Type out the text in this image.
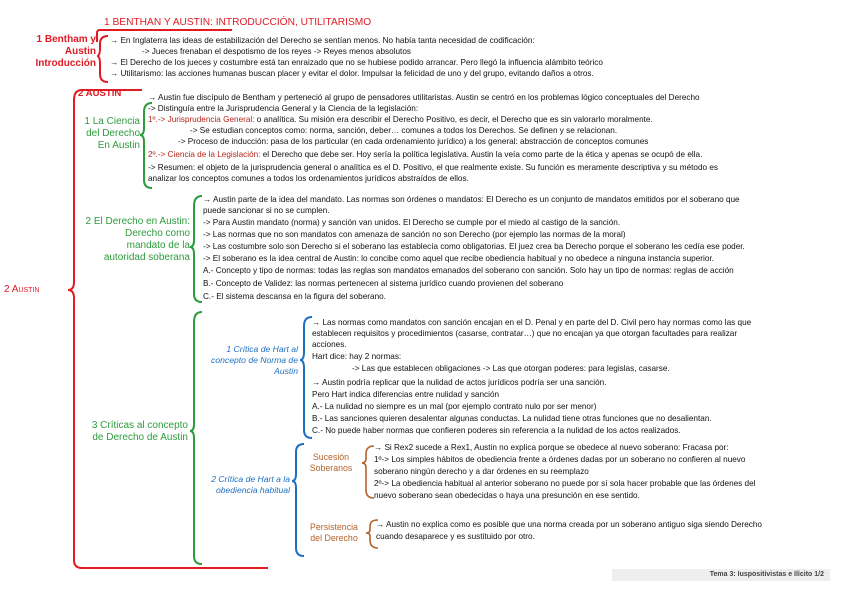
1 Bentham y
Austin
Introducción
1 BENTHAN Y AUSTIN: INTRODUCCIÓN, UTILITARISMO
→ En Inglaterra las ideas de estabilización del Derecho se sentían menos. No había tanta necesidad de codificación:
-> Jueces frenaban el despotismo de los reyes -> Reyes menos absolutos
→ El Derecho de los jueces y costumbre está tan enraizado que no se hubiese podido arrancar. Pero llegó la influencia alámbito teórico
→ Utilitarismo: las acciones humanas buscan placer y evitar el dolor. Impulsar la felicidad de uno y del grupo, evitando daños a otros.
2 Austin
2 AUSTIN
1 La Ciencia
del Derecho
En Austin
→ Austin fue discípulo de Bentham y perteneció al grupo de pensadores utilitaristas. Austin se centró en los problemas lógico conceptuales del Derecho
-> Distinguía entre la Jurisprudencia General y la Ciencia de la legislación:
1º.-> Jurisprudencia General: o analítica. Su misión era describir el Derecho Positivo, es decir, el Derecho que es sin valorarlo moralmente.
-> Se estudian conceptos como: norma, sanción, deber… comunes a todos los Derechos. Se definen y se relacionan.
-> Proceso de inducción: pasa de los particular (en cada ordenamiento jurídico) a los general: abstracción de conceptos comunes
2º.-> Ciencia de la Legislación: el Derecho que debe ser. Hoy sería la política legislativa. Austin la veía como parte de la ética y apenas se ocupó de ella.
-> Resumen: el objeto de la jurisprudencia general o analítica es el D. Positivo, el que realmente existe. Su función es meramente descriptiva y su método es
analizar los conceptos comunes a todos los ordenamientos jurídicos abstraídos de ellos.
2 El Derecho en Austin:
Derecho como
mandato de la
autoridad soberana
→ Austin parte de la idea del mandato. Las normas son órdenes o mandatos: El Derecho es un conjunto de mandatos emitidos por el soberano que
puede sancionar si no se cumplen.
-> Para Austin mandato (norma) y sanción van unidos. El Derecho se cumple por el miedo al castigo de la sanción.
-> Las normas que no son mandatos con amenaza de sanción no son Derecho (por ejemplo las normas de la moral)
-> Las costumbre solo son Derecho si el soberano las establecía como obligatorias. El juez crea ba Derecho porque el soberano les cedía ese poder.
-> El soberano es la idea central de Austin: lo concibe como aquel que recibe obediencia habitual y no obedece a ninguna instancia superior.
A.- Concepto y tipo de normas: todas las reglas son mandatos emanados del soberano con sanción. Solo hay un tipo de normas: reglas de acción
B.- Concepto de Validez: las normas pertenecen al sistema jurídico cuando provienen del soberano
C.- El sistema descansa en la figura del soberano.
3 Críticas al concepto
de Derecho de Austin
1 Crítica de Hart al
concepto de Norma de
Austin
→ Las normas como mandatos con sanción encajan en el D. Penal y en parte del D. Civil pero hay normas como las que
establecen requisitos y procedimientos (casarse, contratar…) que no encajan ya que otorgan facultades para realizar
acciones.
Hart dice: hay 2 normas:
-> Las que establecen obligaciones -> Las que otorgan poderes: para legislas, casarse.
→ Austin podría replicar que la nulidad de actos jurídicos podría ser una sanción.
Pero Hart indica diferencias entre nulidad y sanción
A.- La nulidad no siempre es un mal (por ejemplo contrato nulo por ser menor)
B.- Las sanciones quieren desalentar algunas conductas. La nulidad tiene otras funciones que no desalientan.
C.- No puede haber normas que confieren poderes sin referencia a la nulidad de los actos realizados.
2 Crítica de Hart a la
obediencia habitual
Sucesión
Soberanos
→ Si Rex2 sucede a Rex1, Austin no explica porque se obedece al nuevo soberano: Fracasa por:
1º-> Los simples hábitos de obediencia frente a órdenes dadas por un soberano no confieren al nuevo
soberano ningún derecho y a dar órdenes en su reemplazo
2º-> La obediencia habitual al anterior soberano no puede por sí sola hacer probable que las órdenes del
nuevo soberano sean obedecidas o haya una presunción en ese sentido.
Persistencia
del Derecho
→ Austin no explica como es posible que una norma creada por un soberano antiguo siga siendo Derecho
cuando desaparece y es sustituido por otro.
Tema 3: Iuspositivistas e Ilícito 1/2
